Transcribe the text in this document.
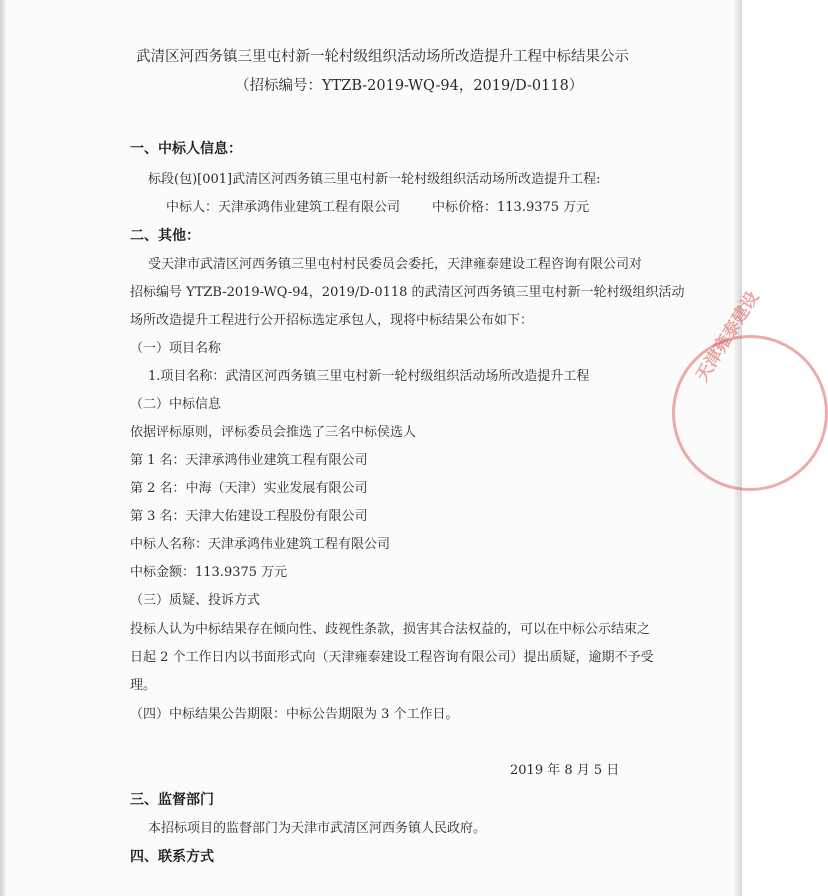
武清区河西务镇三里屯村新一轮村级组织活动场所改造提升工程中标结果公示
（招标编号：YTZB-2019-WQ-94，2019/D-0118）
一、中标人信息：
标段(包)[001]武清区河西务镇三里屯村新一轮村级组织活动场所改造提升工程:
中标人：天津承鸿伟业建筑工程有限公司 中标价格：113.9375 万元
二、其他：
受天津市武清区河西务镇三里屯村村民委员会委托，天津雍泰建设工程咨询有限公司对
招标编号 YTZB-2019-WQ-94，2019/D-0118 的武清区河西务镇三里屯村新一轮村级组织活动
场所改造提升工程进行公开招标选定承包人，现将中标结果公布如下：
（一）项目名称
1.项目名称：武清区河西务镇三里屯村新一轮村级组织活动场所改造提升工程
（二）中标信息
依据评标原则，评标委员会推选了三名中标侯选人
第 1 名：天津承鸿伟业建筑工程有限公司
第 2 名：中海（天津）实业发展有限公司
第 3 名：天津大佑建设工程股份有限公司
中标人名称：天津承鸿伟业建筑工程有限公司
中标金额：113.9375 万元
（三）质疑、投诉方式
投标人认为中标结果存在倾向性、歧视性条款，损害其合法权益的，可以在中标公示结束之
日起 2 个工作日内以书面形式向（天津雍泰建设工程咨询有限公司）提出质疑，逾期不予受
理。
（四）中标结果公告期限：中标公告期限为 3 个工作日。
2019 年 8 月 5 日
三、监督部门
本招标项目的监督部门为天津市武清区河西务镇人民政府。
四、联系方式
天津雍泰建设
